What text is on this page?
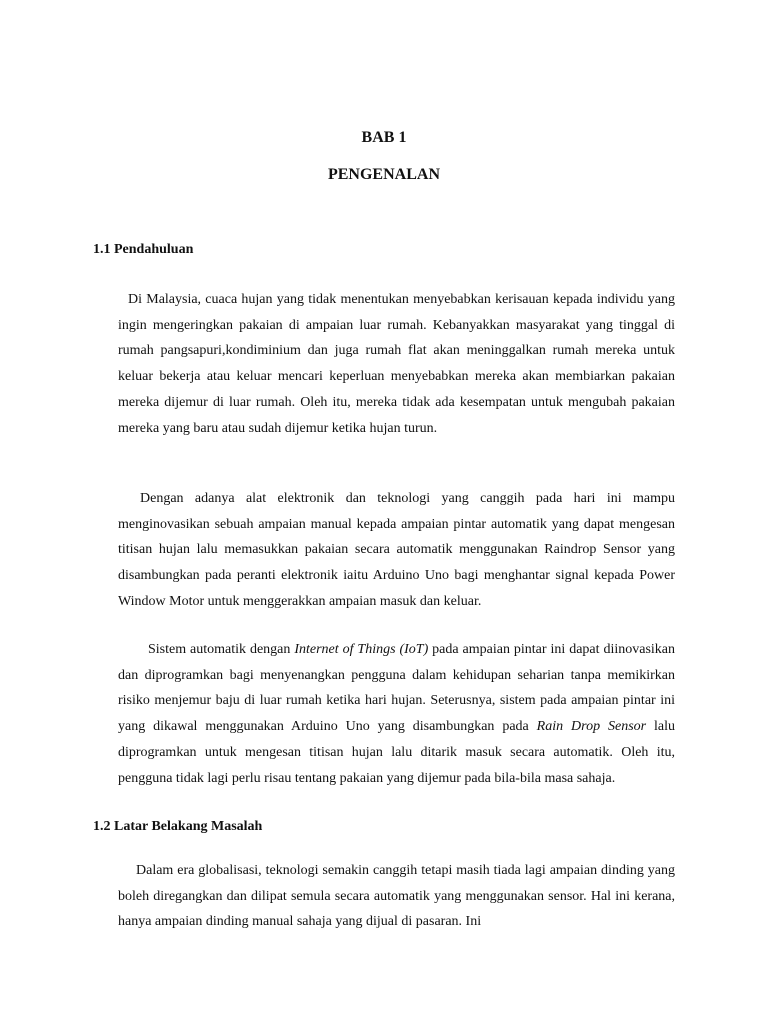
BAB 1
PENGENALAN
1.1 Pendahuluan

Di Malaysia, cuaca hujan yang tidak menentukan menyebabkan kerisauan kepada individu yang ingin mengeringkan pakaian di ampaian luar rumah. Kebanyakkan masyarakat yang tinggal di rumah pangsapuri,kondiminium dan juga rumah flat akan meninggalkan rumah mereka untuk keluar bekerja atau keluar mencari keperluan menyebabkan mereka akan membiarkan pakaian mereka dijemur di luar rumah. Oleh itu, mereka tidak ada kesempatan untuk mengubah pakaian mereka yang baru atau sudah dijemur ketika hujan turun.

Dengan adanya alat elektronik dan teknologi yang canggih pada hari ini mampu menginovasikan sebuah ampaian manual kepada ampaian pintar automatik yang dapat mengesan titisan hujan lalu memasukkan pakaian secara automatik menggunakan Raindrop Sensor yang disambungkan pada peranti elektronik iaitu Arduino Uno bagi menghantar signal kepada Power Window Motor untuk menggerakkan ampaian masuk dan keluar.

Sistem automatik dengan Internet of Things (IoT) pada ampaian pintar ini dapat diinovasikan dan diprogramkan bagi menyenangkan pengguna dalam kehidupan seharian tanpa memikirkan risiko menjemur baju di luar rumah ketika hari hujan. Seterusnya, sistem pada ampaian pintar ini yang dikawal menggunakan Arduino Uno yang disambungkan pada Rain Drop Sensor lalu diprogramkan untuk mengesan titisan hujan lalu ditarik masuk secara automatik. Oleh itu, pengguna tidak lagi perlu risau tentang pakaian yang dijemur pada bila-bila masa sahaja.

1.2 Latar Belakang Masalah

Dalam era globalisasi, teknologi semakin canggih tetapi masih tiada lagi ampaian dinding yang boleh diregangkan dan dilipat semula secara automatik yang menggunakan sensor. Hal ini kerana, hanya ampaian dinding manual sahaja yang dijual di pasaran. Ini
